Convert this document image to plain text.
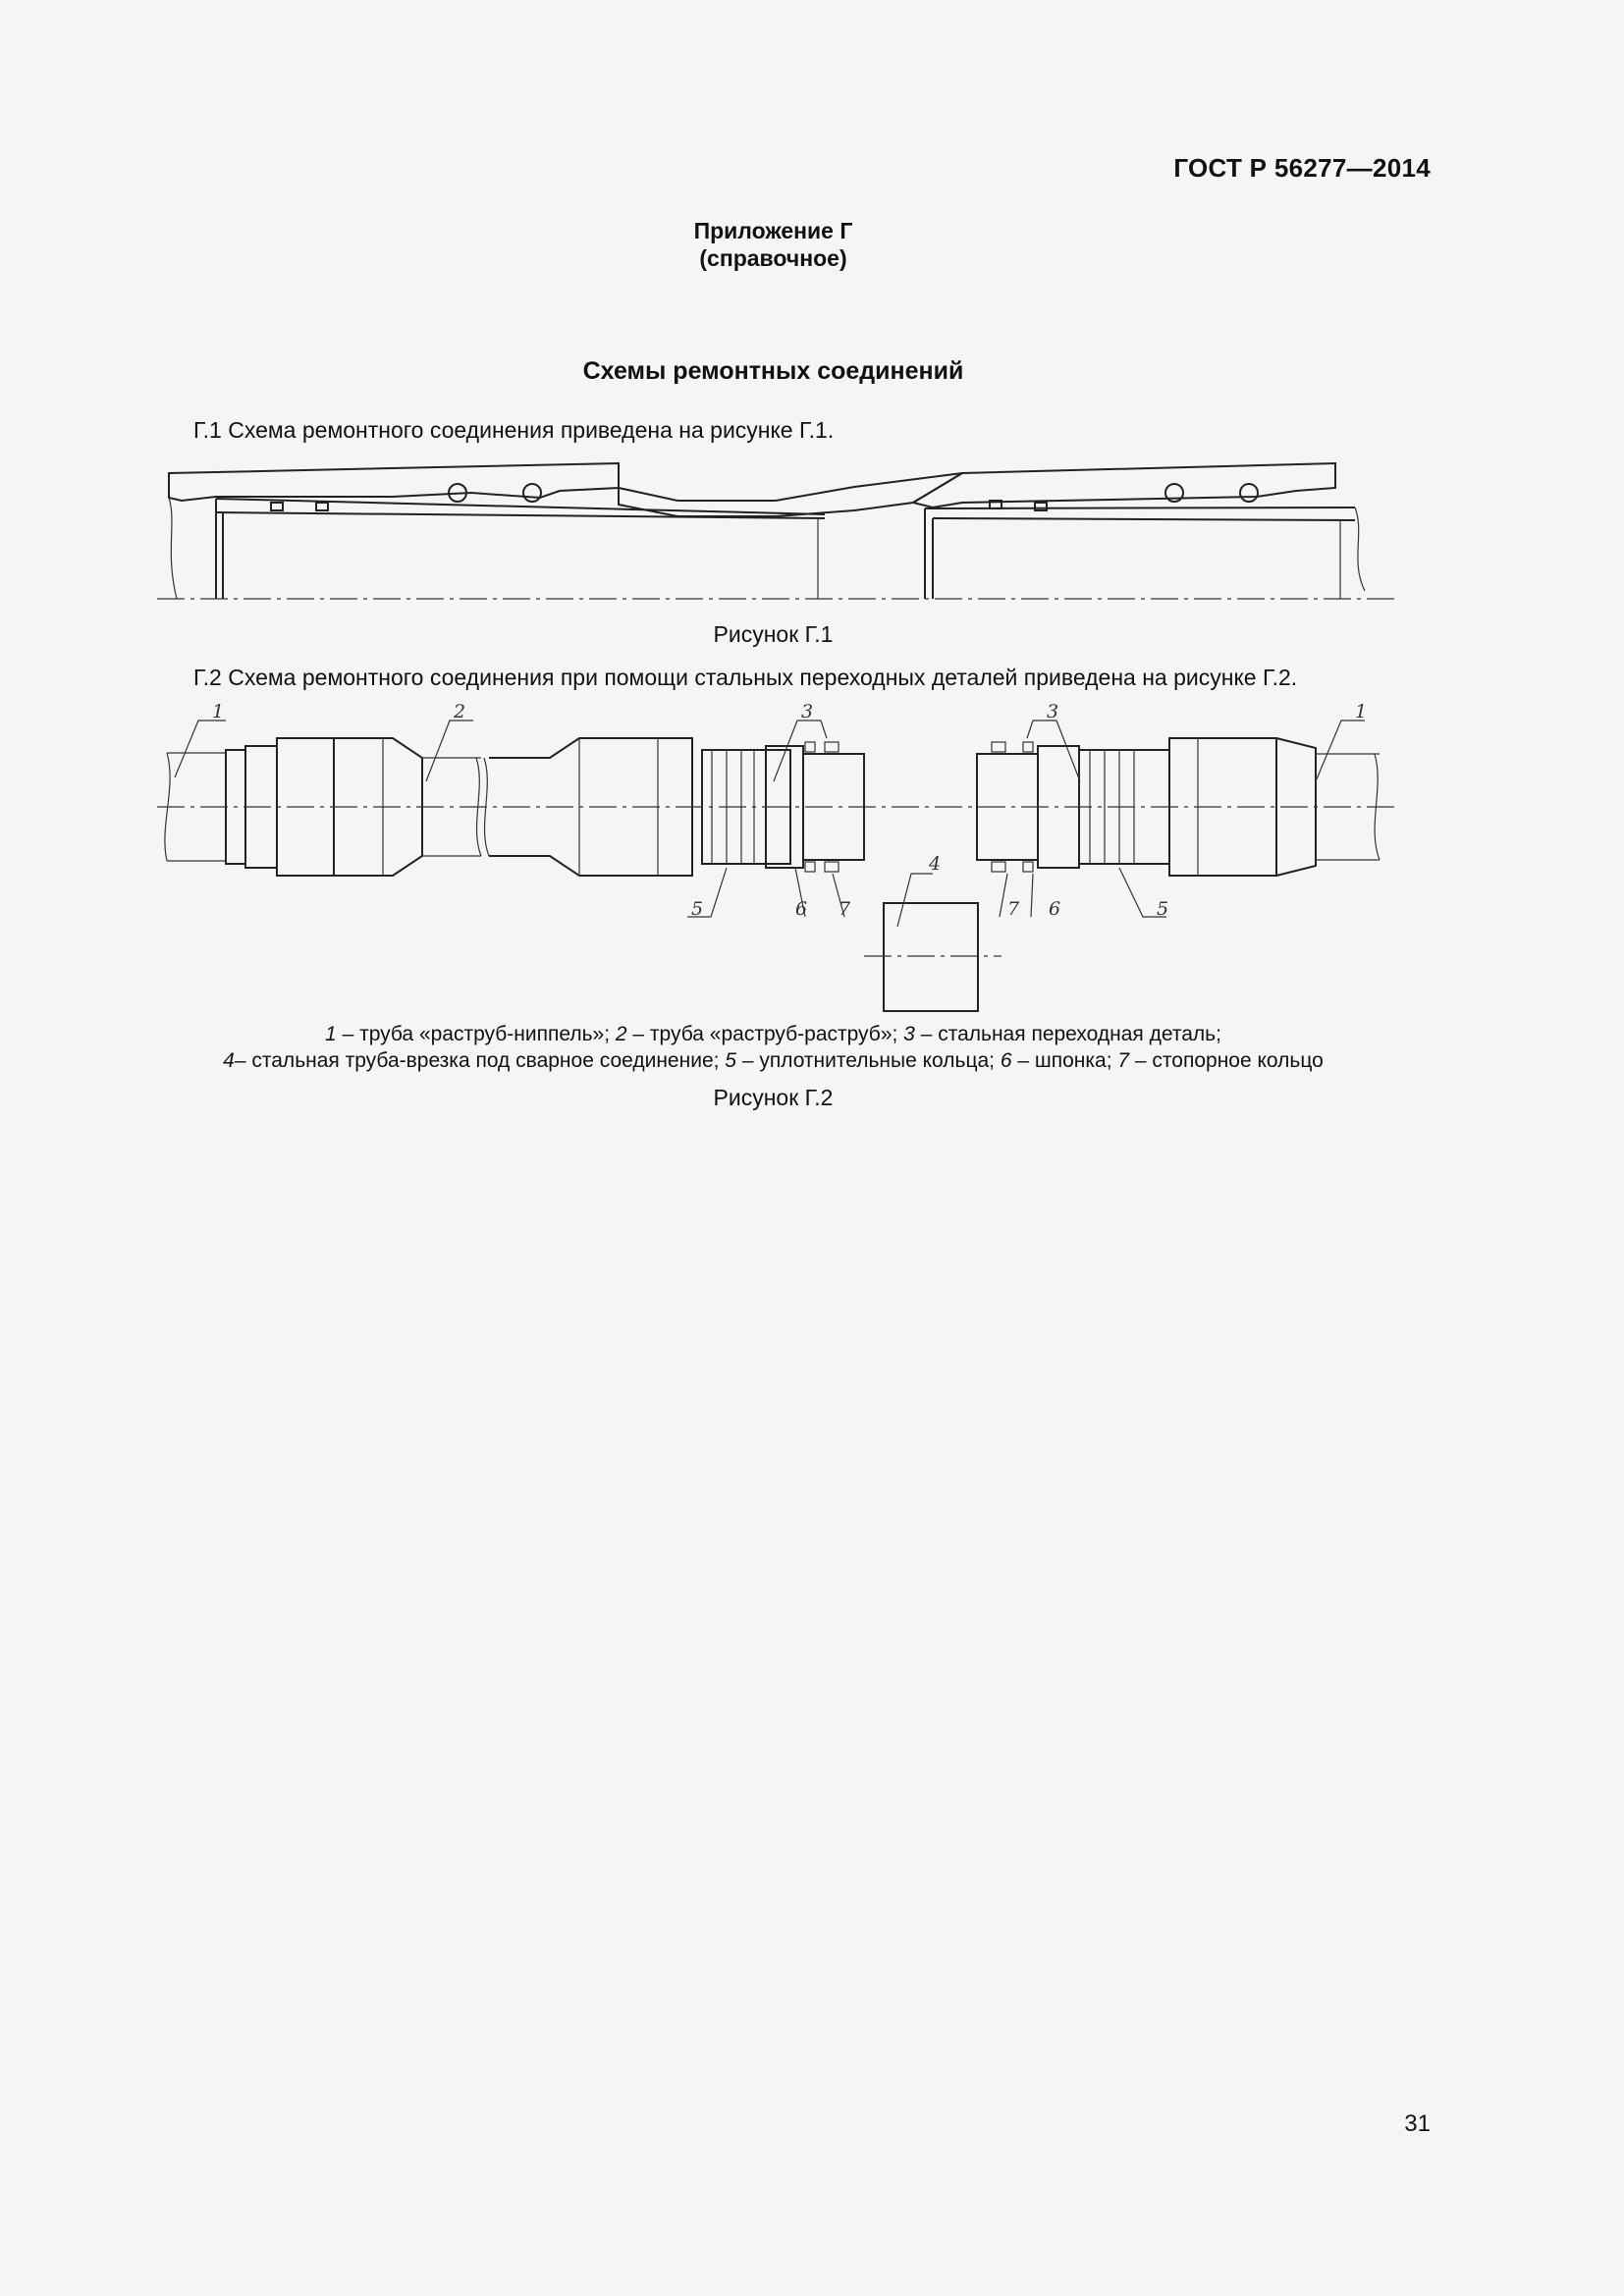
ГОСТ Р 56277—2014
Приложение Г
(справочное)
Схемы ремонтных соединений
Г.1 Схема ремонтного соединения приведена на рисунке Г.1.
Рисунок Г.1
Г.2 Схема ремонтного соединения при помощи стальных переходных деталей приведена на рисунке Г.2.
1	2	3	3	1
4
5	6 7	7 6	5
1 – труба «раструб-ниппель»; 2 – труба «раструб-раструб»; 3 – стальная переходная деталь;
4– стальная труба-врезка под сварное соединение; 5 – уплотнительные кольца; 6 – шпонка; 7 – стопорное кольцо
Рисунок Г.2
31
